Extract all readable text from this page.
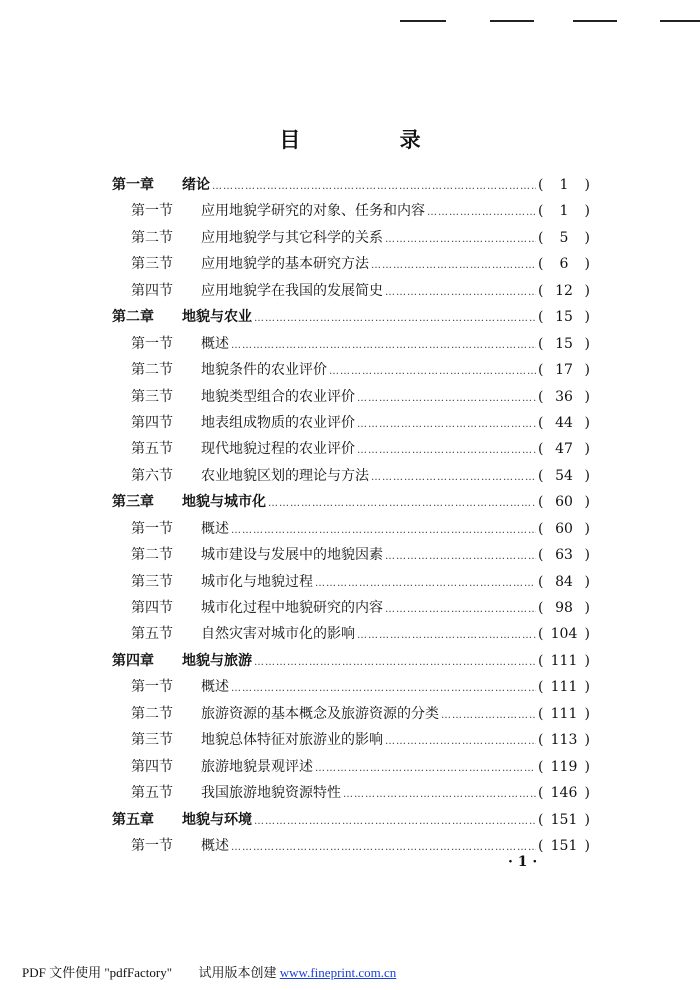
目 录
第一章	绪论 ……………………………………………………………………………………………………………………………………………………	(	1	)
第一节	应用地貌学研究的对象、任务和内容 ……………………………………………………………………………………………………………………………………………………	(	1	)
第二节	应用地貌学与其它科学的关系 ……………………………………………………………………………………………………………………………………………………	(	5	)
第三节	应用地貌学的基本研究方法 ……………………………………………………………………………………………………………………………………………………	(	6	)
第四节	应用地貌学在我国的发展简史 ……………………………………………………………………………………………………………………………………………………	( 12 )
第二章	地貌与农业 ……………………………………………………………………………………………………………………………………………………	( 15 )
第一节	概述 ……………………………………………………………………………………………………………………………………………………	( 15 )
第二节	地貌条件的农业评价 ……………………………………………………………………………………………………………………………………………………	( 17 )
第三节	地貌类型组合的农业评价 ……………………………………………………………………………………………………………………………………………………	( 36 )
第四节	地表组成物质的农业评价 ……………………………………………………………………………………………………………………………………………………	( 44 )
第五节	现代地貌过程的农业评价 ……………………………………………………………………………………………………………………………………………………	( 47 )
第六节	农业地貌区划的理论与方法 ……………………………………………………………………………………………………………………………………………………	( 54 )
第三章	地貌与城市化 ……………………………………………………………………………………………………………………………………………………	( 60 )
第一节	概述 ……………………………………………………………………………………………………………………………………………………	( 60 )
第二节	城市建设与发展中的地貌因素 ……………………………………………………………………………………………………………………………………………………	( 63 )
第三节	城市化与地貌过程 ……………………………………………………………………………………………………………………………………………………	( 84 )
第四节	城市化过程中地貌研究的内容 ……………………………………………………………………………………………………………………………………………………	( 98 )
第五节	自然灾害对城市化的影响 ……………………………………………………………………………………………………………………………………………………	( 104 )
第四章	地貌与旅游 ……………………………………………………………………………………………………………………………………………………	( 111 )
第一节	概述 ……………………………………………………………………………………………………………………………………………………	( 111 )
第二节	旅游资源的基本概念及旅游资源的分类 ……………………………………………………………………………………………………………………………………………………	( 111 )
第三节	地貌总体特征对旅游业的影响 ……………………………………………………………………………………………………………………………………………………	( 113 )
第四节	旅游地貌景观评述 ……………………………………………………………………………………………………………………………………………………	( 119 )
第五节	我国旅游地貌资源特性 ……………………………………………………………………………………………………………………………………………………	( 146 )
第五章	地貌与环境 ……………………………………………………………………………………………………………………………………………………	( 151 )
第一节	概述 ……………………………………………………………………………………………………………………………………………………	( 151 )
· 1 ·
PDF 文件使用 "pdfFactory" 试用版本创建 www.fineprint.com.cn
